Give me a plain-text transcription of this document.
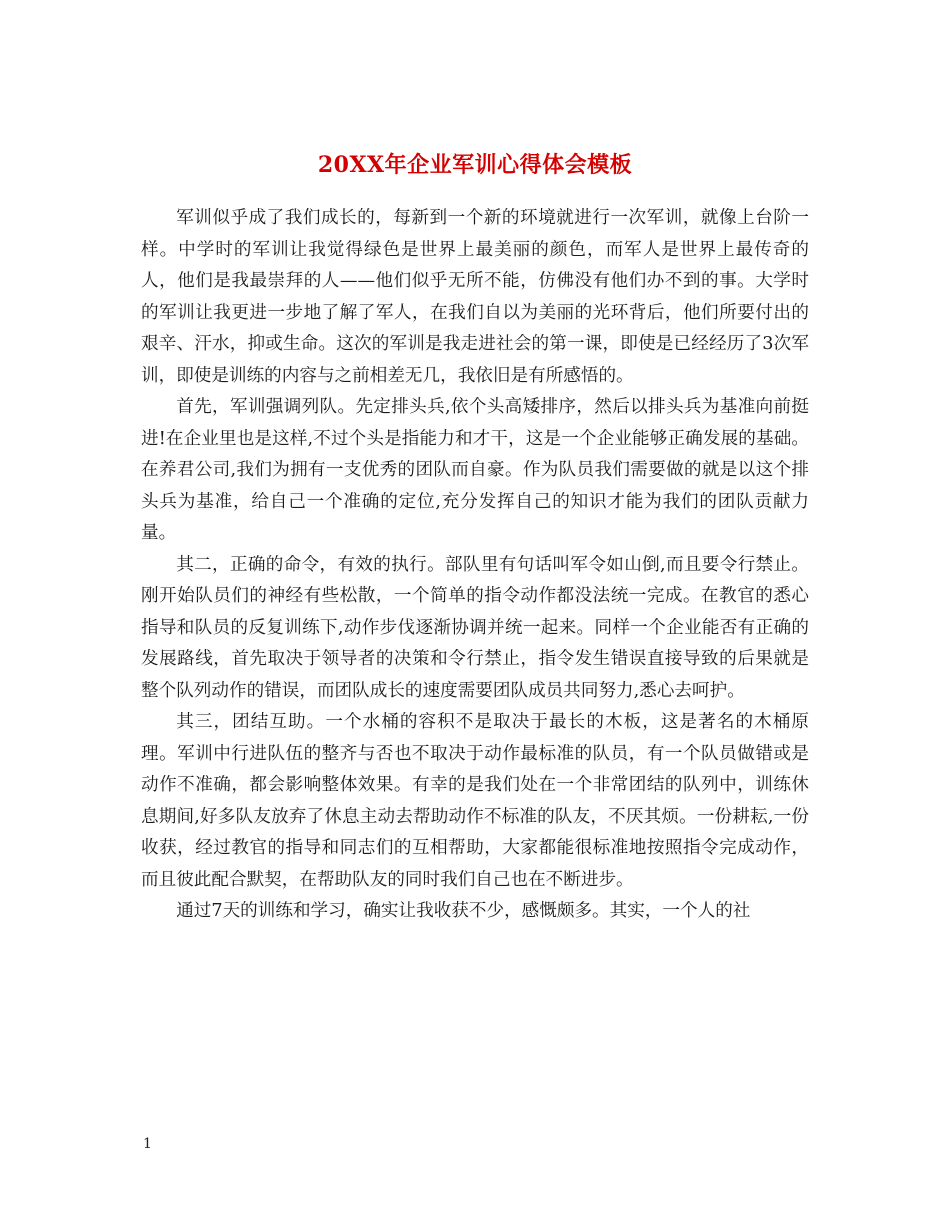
20XX年企业军训心得体会模板

军训似乎成了我们成长的，每新到一个新的环境就进行一次军训，就像上台阶一样。中学时的军训让我觉得绿色是世界上最美丽的颜色，而军人是世界上最传奇的人，他们是我最崇拜的人——他们似乎无所不能，仿佛没有他们办不到的事。大学时的军训让我更进一步地了解了军人，在我们自以为美丽的光环背后，他们所要付出的艰辛、汗水，抑或生命。这次的军训是我走进社会的第一课，即使是已经经历了3次军训，即使是训练的内容与之前相差无几，我依旧是有所感悟的。

首先，军训强调列队。先定排头兵,依个头高矮排序，然后以排头兵为基准向前挺进!在企业里也是这样,不过个头是指能力和才干，这是一个企业能够正确发展的基础。在养君公司,我们为拥有一支优秀的团队而自豪。作为队员我们需要做的就是以这个排头兵为基准，给自己一个准确的定位,充分发挥自己的知识才能为我们的团队贡献力量。

其二，正确的命令，有效的执行。部队里有句话叫军令如山倒,而且要令行禁止。刚开始队员们的神经有些松散，一个简单的指令动作都没法统一完成。在教官的悉心指导和队员的反复训练下,动作步伐逐渐协调并统一起来。同样一个企业能否有正确的发展路线，首先取决于领导者的决策和令行禁止，指令发生错误直接导致的后果就是整个队列动作的错误，而团队成长的速度需要团队成员共同努力,悉心去呵护。

其三，团结互助。一个水桶的容积不是取决于最长的木板，这是著名的木桶原理。军训中行进队伍的整齐与否也不取决于动作最标准的队员，有一个队员做错或是动作不准确，都会影响整体效果。有幸的是我们处在一个非常团结的队列中，训练休息期间,好多队友放弃了休息主动去帮助动作不标准的队友，不厌其烦。一份耕耘,一份收获，经过教官的指导和同志们的互相帮助，大家都能很标准地按照指令完成动作，而且彼此配合默契，在帮助队友的同时我们自己也在不断进步。

通过7天的训练和学习，确实让我收获不少，感慨颇多。其实，一个人的社

1
